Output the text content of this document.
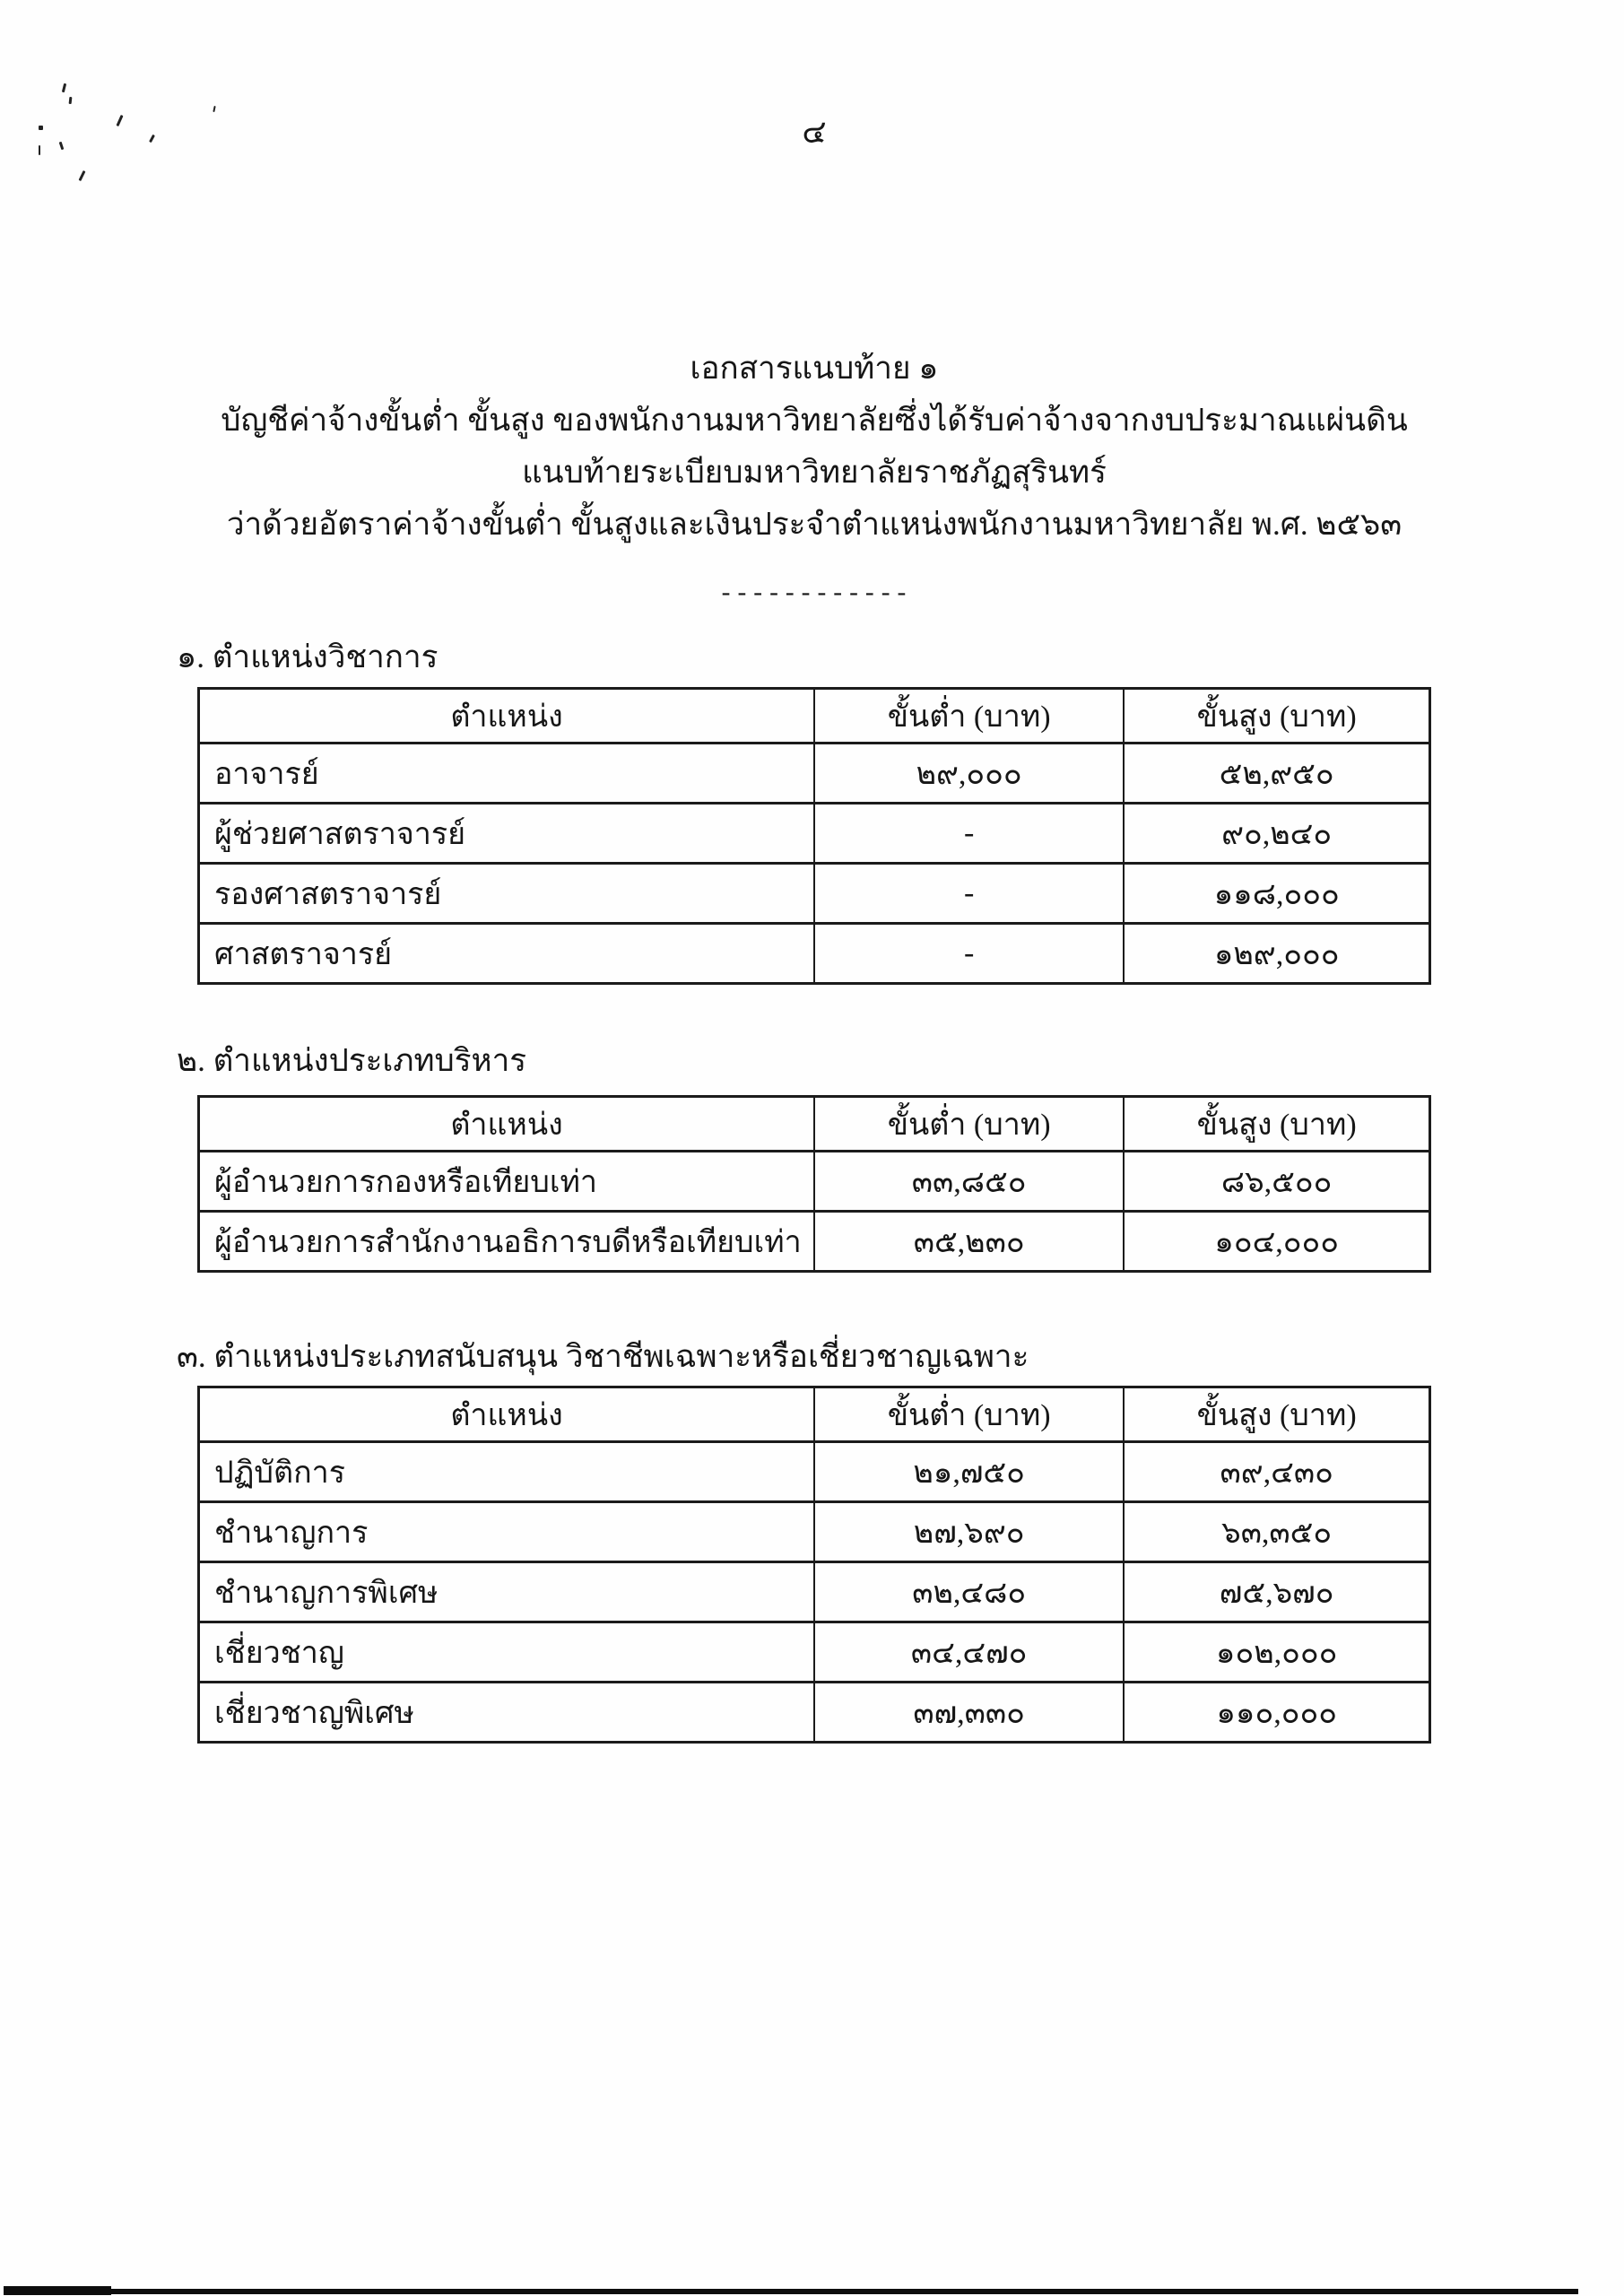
๔
เอกสารแนบท้าย ๑
บัญชีค่าจ้างขั้นต่ำ ขั้นสูง ของพนักงานมหาวิทยาลัยซึ่งได้รับค่าจ้างจากงบประมาณแผ่นดิน
แนบท้ายระเบียบมหาวิทยาลัยราชภัฏสุรินทร์
ว่าด้วยอัตราค่าจ้างขั้นต่ำ ขั้นสูงและเงินประจำตำแหน่งพนักงานมหาวิทยาลัย พ.ศ. ๒๕๖๓
------------
๑. ตำแหน่งวิชาการ
ตำแหน่ง	ขั้นต่ำ (บาท)	ขั้นสูง (บาท)
อาจารย์	๒๙,๐๐๐	๕๒,๙๕๐
ผู้ช่วยศาสตราจารย์	-	๙๐,๒๔๐
รองศาสตราจารย์	-	๑๑๘,๐๐๐
ศาสตราจารย์	-	๑๒๙,๐๐๐
๒. ตำแหน่งประเภทบริหาร
ตำแหน่ง	ขั้นต่ำ (บาท)	ขั้นสูง (บาท)
ผู้อำนวยการกองหรือเทียบเท่า	๓๓,๘๕๐	๘๖,๕๐๐
ผู้อำนวยการสำนักงานอธิการบดีหรือเทียบเท่า	๓๕,๒๓๐	๑๐๔,๐๐๐
๓. ตำแหน่งประเภทสนับสนุน วิชาชีพเฉพาะหรือเชี่ยวชาญเฉพาะ
ตำแหน่ง	ขั้นต่ำ (บาท)	ขั้นสูง (บาท)
ปฏิบัติการ	๒๑,๗๕๐	๓๙,๔๓๐
ชำนาญการ	๒๗,๖๙๐	๖๓,๓๕๐
ชำนาญการพิเศษ	๓๒,๔๘๐	๗๕,๖๗๐
เชี่ยวชาญ	๓๔,๔๗๐	๑๐๒,๐๐๐
เชี่ยวชาญพิเศษ	๓๗,๓๓๐	๑๑๐,๐๐๐
